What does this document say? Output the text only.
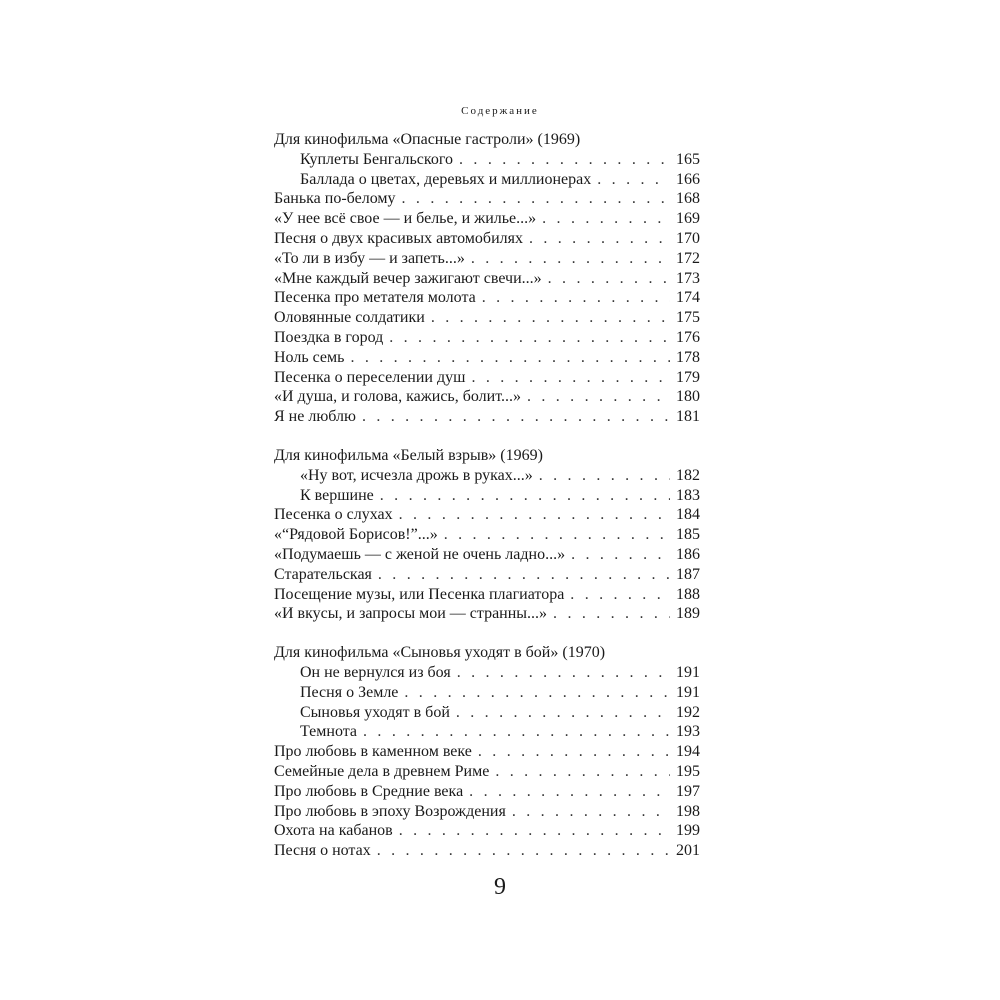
Содержание
Для кинофильма «Опасные гастроли» (1969)
Куплеты Бенгальского . . .	165
Баллада о цветах, деревьях и миллионерах . . .	166
Банька по-белому . . .	168
«У нее всё свое — и белье, и жилье...» . . .	169
Песня о двух красивых автомобилях . . .	170
«То ли в избу — и запеть...» . . .	172
«Мне каждый вечер зажигают свечи...» . . .	173
Песенка про метателя молота . . .	174
Оловянные солдатики . . .	175
Поездка в город . . .	176
Ноль семь . . .	178
Песенка о переселении душ . . .	179
«И душа, и голова, кажись, болит...» . . .	180
Я не люблю . . .	181
Для кинофильма «Белый взрыв» (1969)
«Ну вот, исчезла дрожь в руках...» . . .	182
К вершине . . .	183
Песенка о слухах . . .	184
«“Рядовой Борисов!”...» . . .	185
«Подумаешь — с женой не очень ладно...» . . .	186
Старательская . . .	187
Посещение музы, или Песенка плагиатора . . .	188
«И вкусы, и запросы мои — странны...» . . .	189
Для кинофильма «Сыновья уходят в бой» (1970)
Он не вернулся из боя . . .	191
Песня о Земле . . .	191
Сыновья уходят в бой . . .	192
Темнота . . .	193
Про любовь в каменном веке . . .	194
Семейные дела в древнем Риме . . .	195
Про любовь в Средние века . . .	197
Про любовь в эпоху Возрождения . . .	198
Охота на кабанов . . .	199
Песня о нотах . . .	201
9
